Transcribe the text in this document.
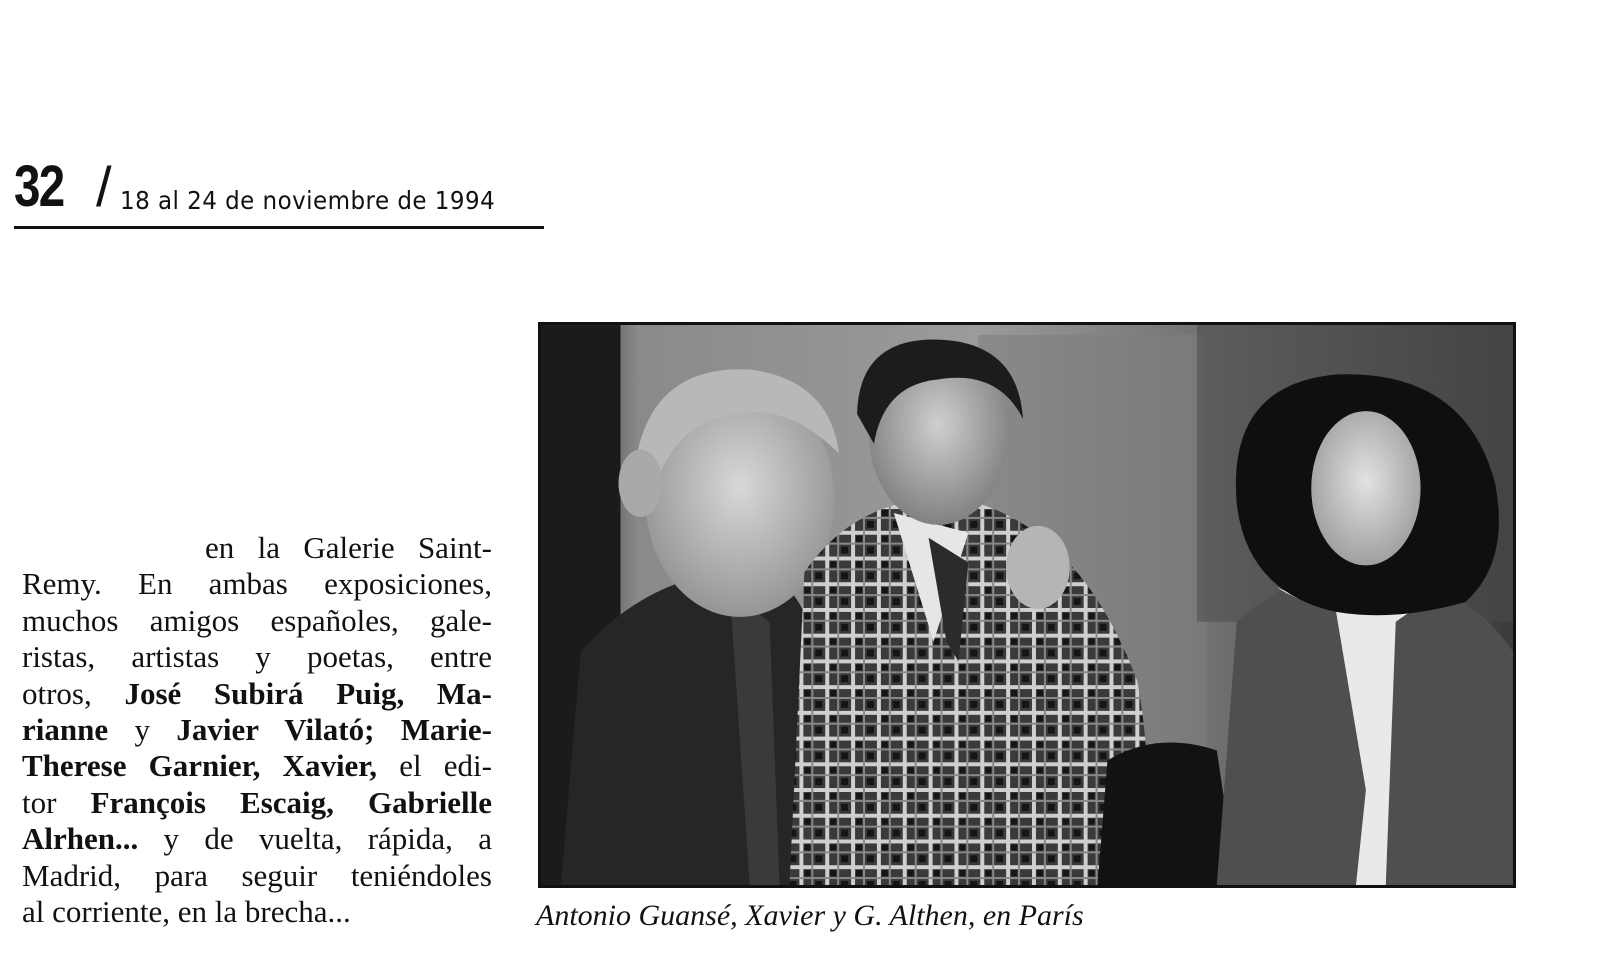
32 / 18 al 24 de noviembre de 1994
en la Galerie Saint-
Remy. En ambas exposiciones,
muchos amigos españoles, gale-
ristas, artistas y poetas, entre
otros, José Subirá Puig, Ma-
rianne y Javier Vilató; Marie-
Therese Garnier, Xavier, el edi-
tor François Escaig, Gabrielle
Alrhen... y de vuelta, rápida, a
Madrid, para seguir teniéndoles
al corriente, en la brecha...	Antonio Guansé, Xavier y G. Althen, en París
